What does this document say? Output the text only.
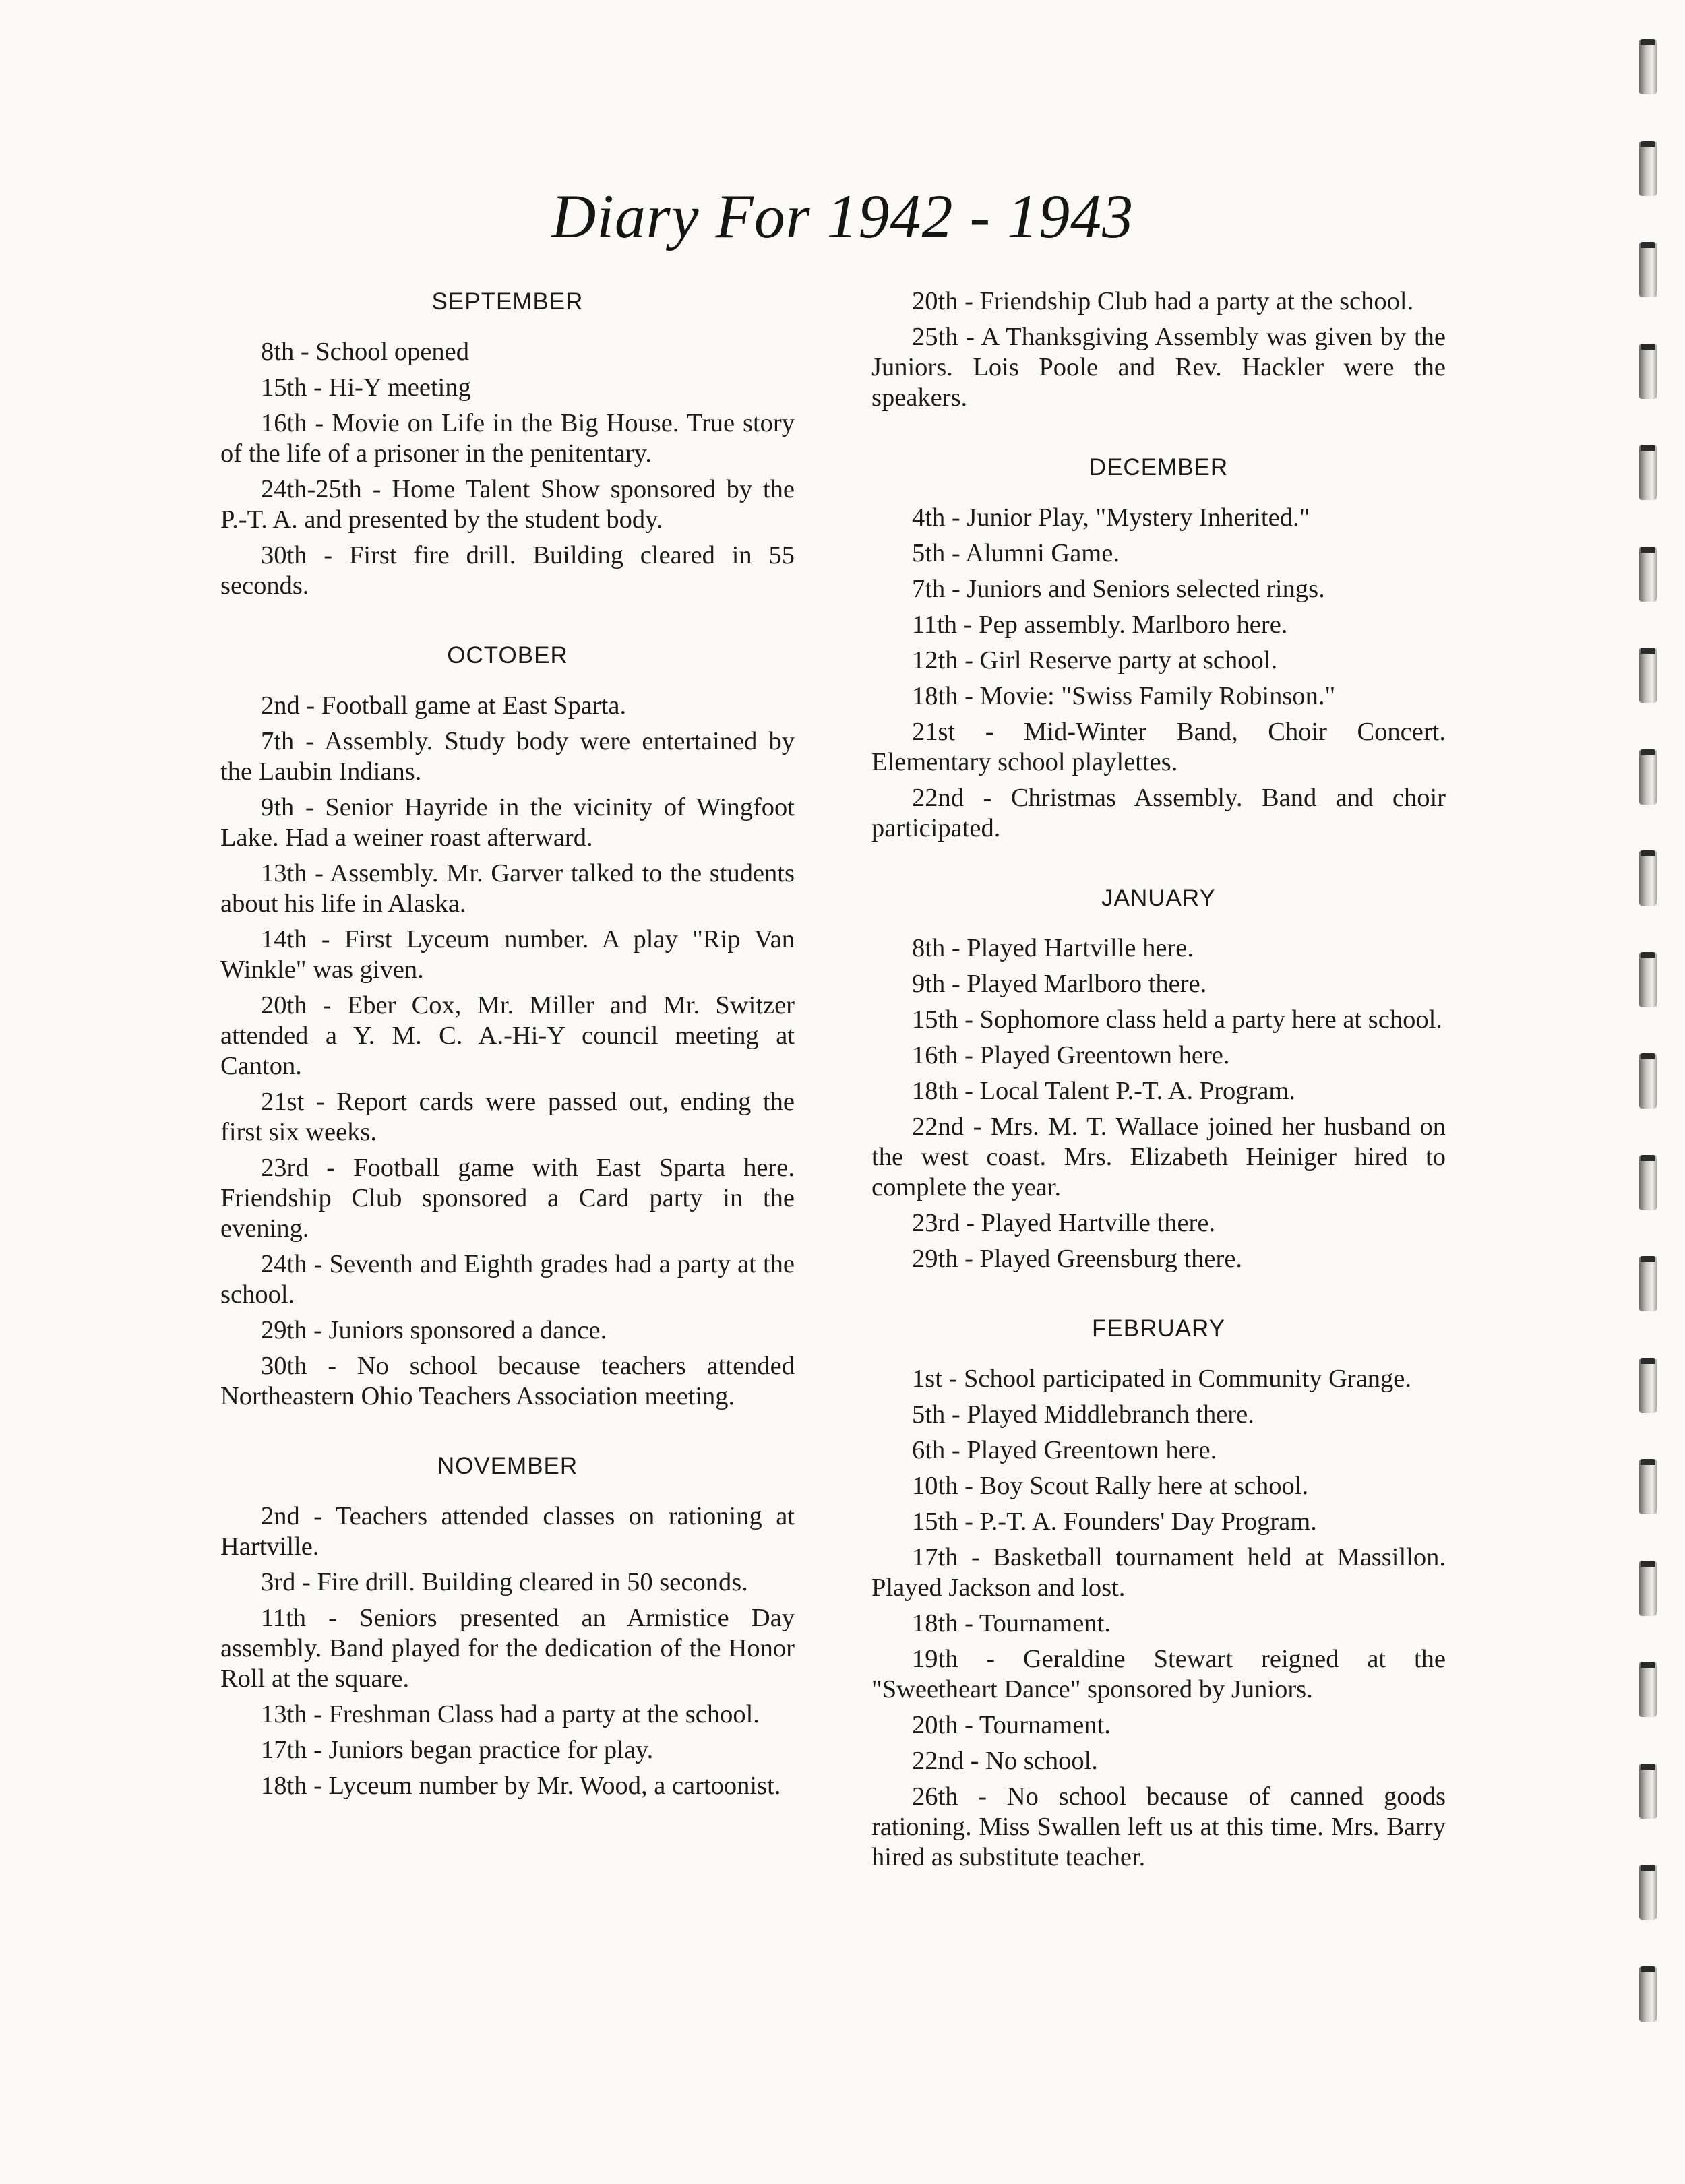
Diary For 1942 - 1943
SEPTEMBER

8th - School opened

15th - Hi-Y meeting

16th - Movie on Life in the Big House. True story of the life of a prisoner in the penitentary.

24th-25th - Home Talent Show sponsored by the P.-T. A. and presented by the student body.

30th - First fire drill. Building cleared in 55 seconds.

OCTOBER

2nd - Football game at East Sparta.

7th - Assembly. Study body were entertained by the Laubin Indians.

9th - Senior Hayride in the vicinity of Wingfoot Lake. Had a weiner roast afterward.

13th - Assembly. Mr. Garver talked to the students about his life in Alaska.

14th - First Lyceum number. A play "Rip Van Winkle" was given.

20th - Eber Cox, Mr. Miller and Mr. Switzer attended a Y. M. C. A.-Hi-Y council meeting at Canton.

21st - Report cards were passed out, ending the first six weeks.

23rd - Football game with East Sparta here. Friendship Club sponsored a Card party in the evening.

24th - Seventh and Eighth grades had a party at the school.

29th - Juniors sponsored a dance.

30th - No school because teachers attended Northeastern Ohio Teachers Association meeting.

NOVEMBER

2nd - Teachers attended classes on rationing at Hartville.

3rd - Fire drill. Building cleared in 50 seconds.

11th - Seniors presented an Armistice Day assembly. Band played for the dedication of the Honor Roll at the square.

13th - Freshman Class had a party at the school.

17th - Juniors began practice for play.

18th - Lyceum number by Mr. Wood, a cartoonist.

20th - Friendship Club had a party at the school.

25th - A Thanksgiving Assembly was given by the Juniors. Lois Poole and Rev. Hackler were the speakers.

DECEMBER

4th - Junior Play, "Mystery Inherited."

5th - Alumni Game.

7th - Juniors and Seniors selected rings.

11th - Pep assembly. Marlboro here.

12th - Girl Reserve party at school.

18th - Movie: "Swiss Family Robinson."

21st - Mid-Winter Band, Choir Concert. Elementary school playlettes.

22nd - Christmas Assembly. Band and choir participated.

JANUARY

8th - Played Hartville here.

9th - Played Marlboro there.

15th - Sophomore class held a party here at school.

16th - Played Greentown here.

18th - Local Talent P.-T. A. Program.

22nd - Mrs. M. T. Wallace joined her husband on the west coast. Mrs. Elizabeth Heiniger hired to complete the year.

23rd - Played Hartville there.

29th - Played Greensburg there.

FEBRUARY

1st - School participated in Community Grange.

5th - Played Middlebranch there.

6th - Played Greentown here.

10th - Boy Scout Rally here at school.

15th - P.-T. A. Founders' Day Program.

17th - Basketball tournament held at Massillon. Played Jackson and lost.

18th - Tournament.

19th - Geraldine Stewart reigned at the "Sweetheart Dance" sponsored by Juniors.

20th - Tournament.

22nd - No school.

26th - No school because of canned goods rationing. Miss Swallen left us at this time. Mrs. Barry hired as substitute teacher.
